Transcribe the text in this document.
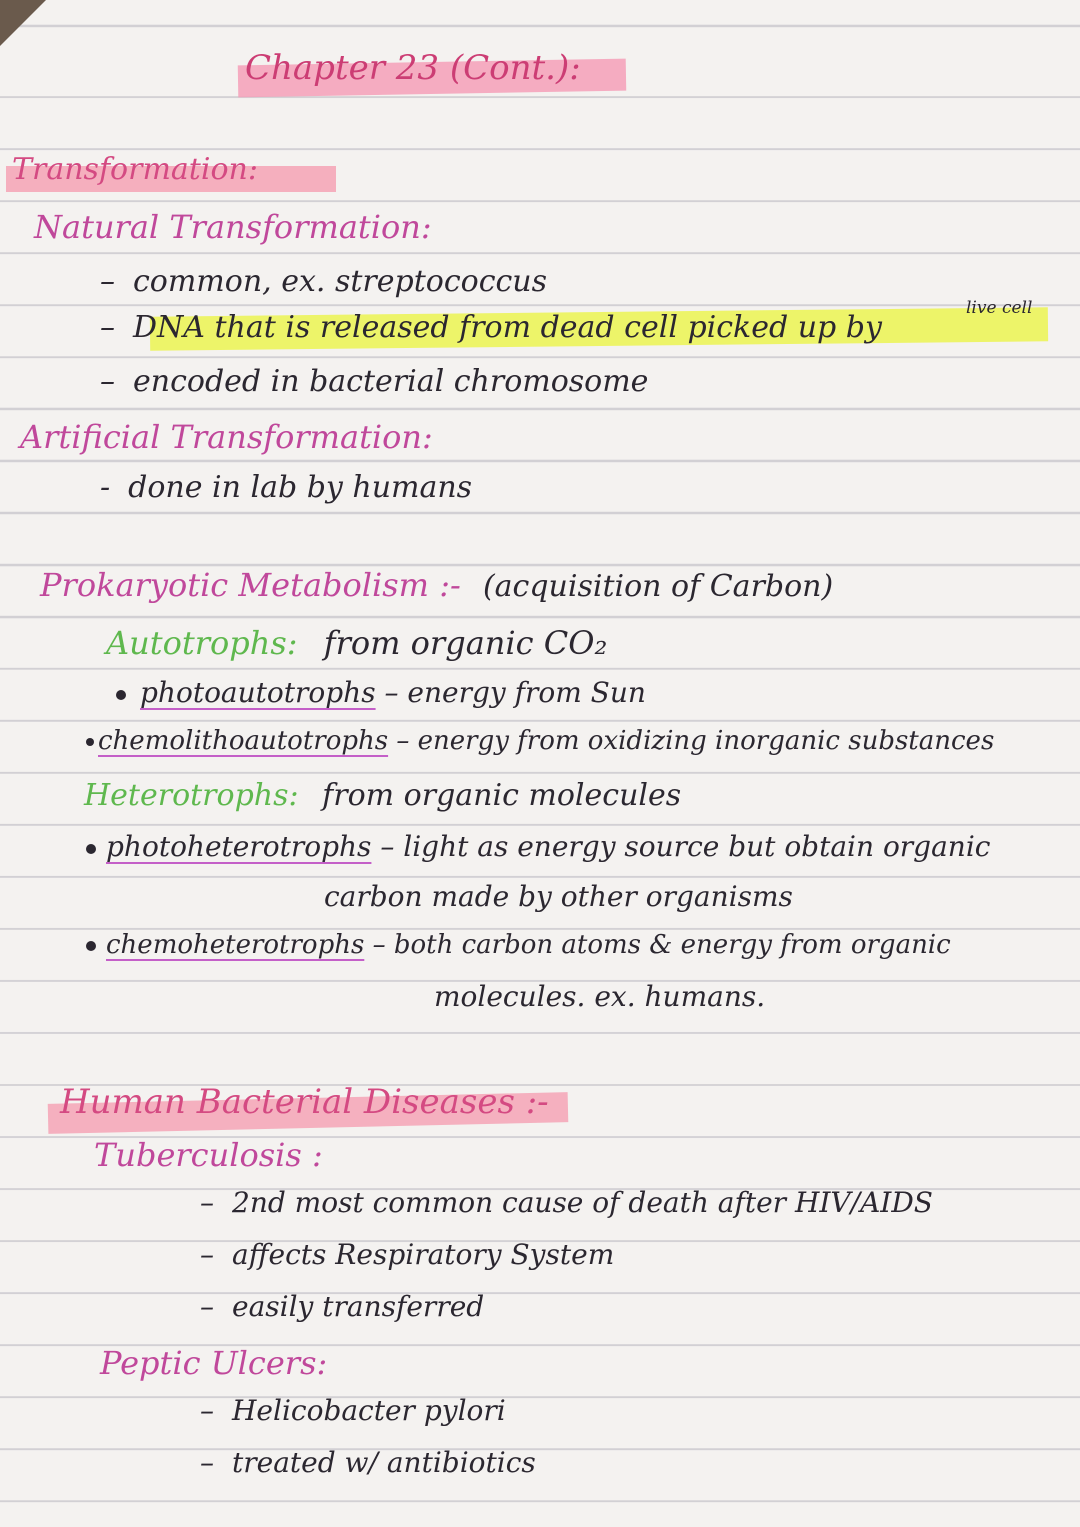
Chapter 23 (Cont.):
Transformation:
Natural Transformation:
– common, ex. streptococcus
– DNA that is released from dead cell picked up by
live cell
– encoded in bacterial chromosome
Artificial Transformation:
- done in lab by humans
Prokaryotic Metabolism :- (acquisition of Carbon)
Autotrophs: from organic CO₂
photoautotrophs – energy from Sun
chemolithoautotrophs – energy from oxidizing inorganic substances
Heterotrophs: from organic molecules
photoheterotrophs – light as energy source but obtain organic
carbon made by other organisms
chemoheterotrophs – both carbon atoms & energy from organic
molecules. ex. humans.
Human Bacterial Diseases :-
Tuberculosis :
– 2nd most common cause of death after HIV/AIDS
– affects Respiratory System
– easily transferred
Peptic Ulcers:
– Helicobacter pylori
– treated w/ antibiotics
